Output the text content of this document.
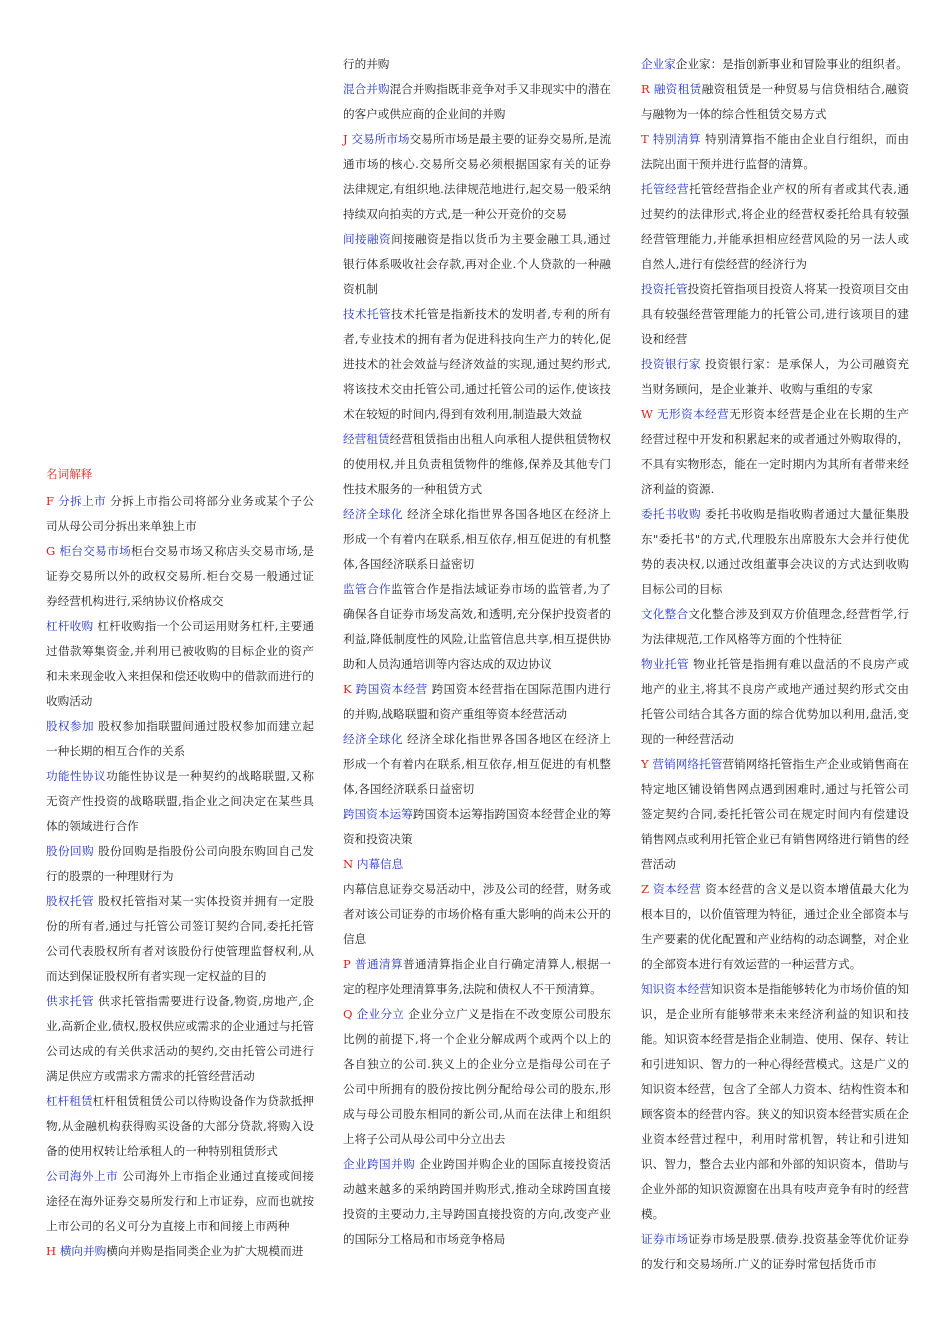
名词解释
F 分拆上市 分拆上市指公司将部分业务或某个子公司从母公司分拆出来单独上市
G 柜台交易市场柜台交易市场又称店头交易市场,是证券交易所以外的政权交易所.柜台交易一般通过证券经营机构进行,采纳协议价格成交
杠杆收购 杠杆收购指一个公司运用财务杠杆,主要通过借款筹集资金,并利用已被收购的目标企业的资产和未来现金收入来担保和偿还收购中的借款而进行的收购活动
股权参加 股权参加指联盟间通过股权参加而建立起一种长期的相互合作的关系
功能性协议功能性协议是一种契约的战略联盟,又称无资产性投资的战略联盟,指企业之间决定在某些具体的领域进行合作
股份回购 股份回购是指股份公司向股东购回自己发行的股票的一种理财行为
股权托管 股权托管指对某一实体投资并拥有一定股份的所有者,通过与托管公司签订契约合同,委托托管公司代表股权所有者对该股份行使管理监督权利,从而达到保证股权所有者实现一定权益的目的
供求托管 供求托管指需要进行设备,物资,房地产,企业,高新企业,债权,股权供应或需求的企业通过与托管公司达成的有关供求活动的契约,交由托管公司进行满足供应方或需求方需求的托管经营活动
杠杆租赁杠杆租赁租赁公司以待购设备作为贷款抵押物,从金融机构获得购买设备的大部分贷款,将购入设备的使用权转让给承租人的一种特别租赁形式
公司海外上市 公司海外上市指企业通过直接或间接途径在海外证券交易所发行和上市证券，应而也就按上市公司的名义可分为直接上市和间接上市两种
H 横向并购横向并购是指同类企业为扩大规模而进
行的并购
混合并购混合并购指既非竞争对手又非现实中的潜在的客户或供应商的企业间的并购
J 交易所市场交易所市场是最主要的证券交易所,是流通市场的核心.交易所交易必须根据国家有关的证券法律规定,有组织地.法律规范地进行,起交易一般采纳持续双向拍卖的方式,是一种公开竞价的交易
间接融资间接融资是指以货币为主要金融工具,通过银行体系吸收社会存款,再对企业.个人贷款的一种融资机制
技术托管技术托管是指新技术的发明者,专利的所有者,专业技术的拥有者为促进科技向生产力的转化,促进技术的社会效益与经济效益的实现,通过契约形式,将该技术交由托管公司,通过托管公司的运作,使该技术在较短的时间内,得到有效利用,制造最大效益
经营租赁经营租赁指由出租人向承租人提供租赁物权的使用权,并且负责租赁物件的维修,保养及其他专门性技术服务的一种租赁方式
经济全球化 经济全球化指世界各国各地区在经济上形成一个有着内在联系,相互依存,相互促进的有机整体,各国经济联系日益密切
监管合作监管合作是指法域证券市场的监管者,为了确保各自证券市场发高效,和透明,充分保护投资者的利益,降低制度性的风险,让监管信息共享,相互提供协助和人员沟通培训等内容达成的双边协议
K 跨国资本经营 跨国资本经营指在国际范围内进行的并购,战略联盟和资产重组等资本经营活动
经济全球化 经济全球化指世界各国各地区在经济上形成一个有着内在联系,相互依存,相互促进的有机整体,各国经济联系日益密切
跨国资本运筹跨国资本运筹指跨国资本经营企业的筹资和投资决策
N 内幕信息
内幕信息证券交易活动中，涉及公司的经营，财务或者对该公司证券的市场价格有重大影响的尚未公开的信息
P 普通清算普通清算指企业自行确定清算人,根据一定的程序处理清算事务,法院和债权人不干预清算。
Q 企业分立 企业分立广义是指在不改变原公司股东比例的前提下,将一个企业分解成两个或两个以上的各自独立的公司.狭义上的企业分立是指母公司在子公司中所拥有的股份按比例分配给母公司的股东,形成与母公司股东相同的新公司,从而在法律上和组织上将子公司从母公司中分立出去
企业跨国并购 企业跨国并购企业的国际直接投资活动越来越多的采纳跨国并购形式,推动全球跨国直接投资的主要动力,主导跨国直接投资的方向,改变产业的国际分工格局和市场竞争格局
企业家企业家：是指创新事业和冒险事业的组织者。
R 融资租赁融资租赁是一种贸易与信贷相结合,融资与融物为一体的综合性租赁交易方式
T 特别清算 特别清算指不能由企业自行组织，而由法院出面干预并进行监督的清算。
托管经营托管经营指企业产权的所有者或其代表,通过契约的法律形式,将企业的经营权委托给具有较强经营管理能力,并能承担相应经营风险的另一法人或自然人,进行有偿经营的经济行为
投资托管投资托管指项目投资人将某一投资项目交由具有较强经营管理能力的托管公司,进行该项目的建设和经营
投资银行家 投资银行家：是承保人，为公司融资充当财务顾问，是企业兼并、收购与重组的专家
W 无形资本经营无形资本经营是企业在长期的生产经营过程中开发和积累起来的或者通过外购取得的，不具有实物形态，能在一定时期内为其所有者带来经济利益的资源.
委托书收购 委托书收购是指收购者通过大量征集股东"委托书"的方式,代理股东出席股东大会并行使优势的表决权,以通过改组董事会决议的方式达到收购目标公司的目标
文化整合文化整合涉及到双方价值理念,经营哲学,行为法律规范,工作风格等方面的个性特征
物业托管 物业托管是指拥有难以盘活的不良房产或地产的业主,将其不良房产或地产通过契约形式交由托管公司结合其各方面的综合优势加以利用,盘活,变现的一种经营活动
Y 营销网络托管营销网络托管指生产企业或销售商在特定地区铺设销售网点遇到困难时,通过与托管公司签定契约合同,委托托管公司在规定时间内有偿建设销售网点或利用托管企业已有销售网络进行销售的经营活动
Z 资本经营 资本经营的含义是以资本增值最大化为根本目的，以价值管理为特征，通过企业全部资本与生产要素的优化配置和产业结构的动态调整，对企业的全部资本进行有效运营的一种运营方式。
知识资本经营知识资本是指能够转化为市场价值的知识，是企业所有能够带来未来经济利益的知识和技能。知识资本经营是指企业制造、使用、保存、转让和引进知识、智力的一种心得经营模式。这是广义的知识资本经营，包含了全部人力资本、结构性资本和顾客资本的经营内容。狭义的知识资本经营实质在企业资本经营过程中，利用时常机智，转让和引进知识、智力，整合去业内部和外部的知识资本，借助与企业外部的知识资源窗在出具有吱声竞争有时的经营模。
证券市场证券市场是股票.债券.投资基金等优价证券的发行和交易场所.广义的证券时常包括货币市
